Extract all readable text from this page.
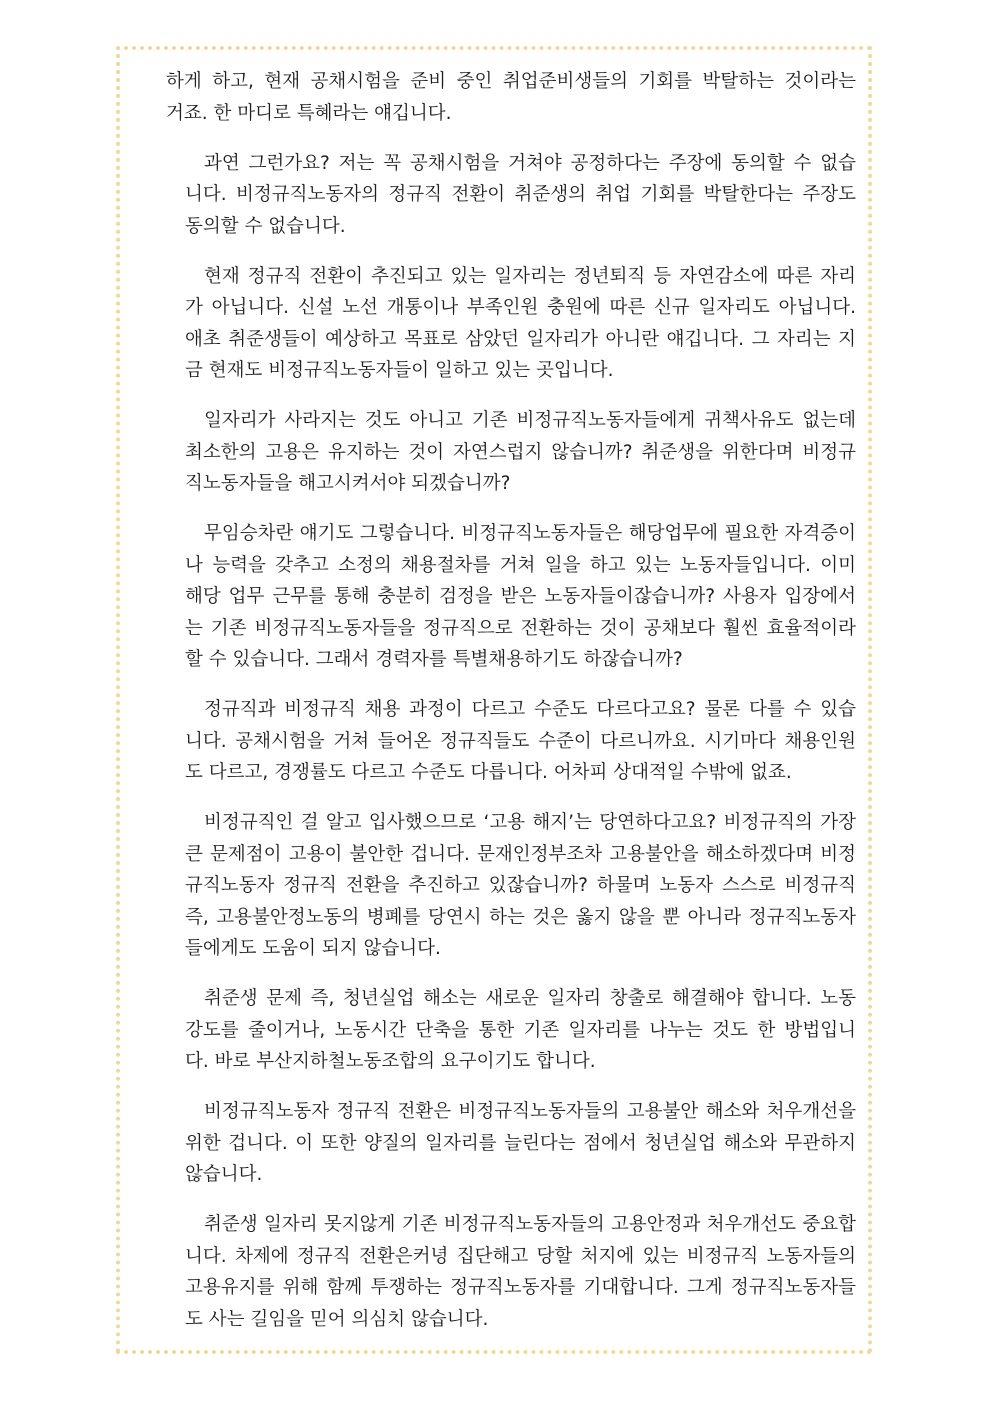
하게 하고, 현재 공채시험을 준비 중인 취업준비생들의 기회를 박탈하는 것이라는
거죠. 한 마디로 특혜라는 얘깁니다.
과연 그런가요? 저는 꼭 공채시험을 거쳐야 공정하다는 주장에 동의할 수 없습
니다. 비정규직노동자의 정규직 전환이 취준생의 취업 기회를 박탈한다는 주장도
동의할 수 없습니다.
현재 정규직 전환이 추진되고 있는 일자리는 정년퇴직 등 자연감소에 따른 자리
가 아닙니다. 신설 노선 개통이나 부족인원 충원에 따른 신규 일자리도 아닙니다.
애초 취준생들이 예상하고 목표로 삼았던 일자리가 아니란 얘깁니다. 그 자리는 지
금 현재도 비정규직노동자들이 일하고 있는 곳입니다.
일자리가 사라지는 것도 아니고 기존 비정규직노동자들에게 귀책사유도 없는데
최소한의 고용은 유지하는 것이 자연스럽지 않습니까? 취준생을 위한다며 비정규
직노동자들을 해고시켜서야 되겠습니까?
무임승차란 얘기도 그렇습니다. 비정규직노동자들은 해당업무에 필요한 자격증이
나 능력을 갖추고 소정의 채용절차를 거쳐 일을 하고 있는 노동자들입니다. 이미
해당 업무 근무를 통해 충분히 검정을 받은 노동자들이잖습니까? 사용자 입장에서
는 기존 비정규직노동자들을 정규직으로 전환하는 것이 공채보다 훨씬 효율적이라
할 수 있습니다. 그래서 경력자를 특별채용하기도 하잖습니까?
정규직과 비정규직 채용 과정이 다르고 수준도 다르다고요? 물론 다를 수 있습
니다. 공채시험을 거쳐 들어온 정규직들도 수준이 다르니까요. 시기마다 채용인원
도 다르고, 경쟁률도 다르고 수준도 다릅니다. 어차피 상대적일 수밖에 없죠.
비정규직인 걸 알고 입사했으므로 ‘고용 해지’는 당연하다고요? 비정규직의 가장
큰 문제점이 고용이 불안한 겁니다. 문재인정부조차 고용불안을 해소하겠다며 비정
규직노동자 정규직 전환을 추진하고 있잖습니까? 하물며 노동자 스스로 비정규직
즉, 고용불안정노동의 병폐를 당연시 하는 것은 옳지 않을 뿐 아니라 정규직노동자
들에게도 도움이 되지 않습니다.
취준생 문제 즉, 청년실업 해소는 새로운 일자리 창출로 해결해야 합니다. 노동
강도를 줄이거나, 노동시간 단축을 통한 기존 일자리를 나누는 것도 한 방법입니
다. 바로 부산지하철노동조합의 요구이기도 합니다.
비정규직노동자 정규직 전환은 비정규직노동자들의 고용불안 해소와 처우개선을
위한 겁니다. 이 또한 양질의 일자리를 늘린다는 점에서 청년실업 해소와 무관하지
않습니다.
취준생 일자리 못지않게 기존 비정규직노동자들의 고용안정과 처우개선도 중요합
니다. 차제에 정규직 전환은커녕 집단해고 당할 처지에 있는 비정규직 노동자들의
고용유지를 위해 함께 투쟁하는 정규직노동자를 기대합니다. 그게 정규직노동자들
도 사는 길임을 믿어 의심치 않습니다.
